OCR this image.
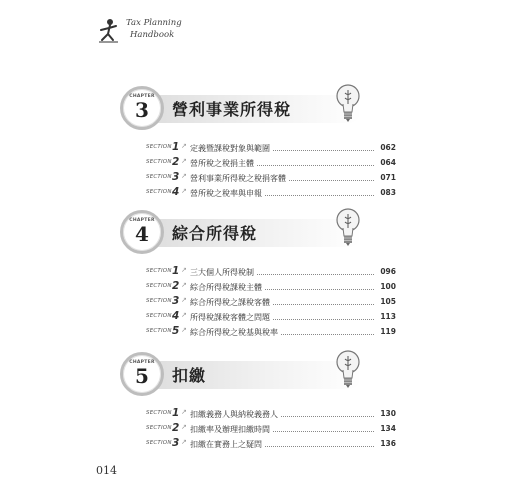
Tax Planning
Handbook
CHAPTER
3	營利事業所得稅
SECTION 1 ↗ 定義暨課稅對象與範圍	062
SECTION 2 ↗ 營所稅之稅捐主體	064
SECTION 3 ↗ 營利事業所得稅之稅捐客體	071
SECTION 4 ↗ 營所稅之稅率與申報	083
CHAPTER
4	綜合所得稅
SECTION 1 ↗ 三大個人所得稅制	096
SECTION 2 ↗ 綜合所得稅課稅主體	100
SECTION 3 ↗ 綜合所得稅之課稅客體	105
SECTION 4 ↗ 所得稅課稅客體之問題	113
SECTION 5 ↗ 綜合所得稅之稅基與稅率	119
CHAPTER
5	扣繳
SECTION 1 ↗ 扣繳義務人與納稅義務人	130
SECTION 2 ↗ 扣繳率及辦理扣繳時間	134
SECTION 3 ↗ 扣繳在實務上之疑問	136
014
